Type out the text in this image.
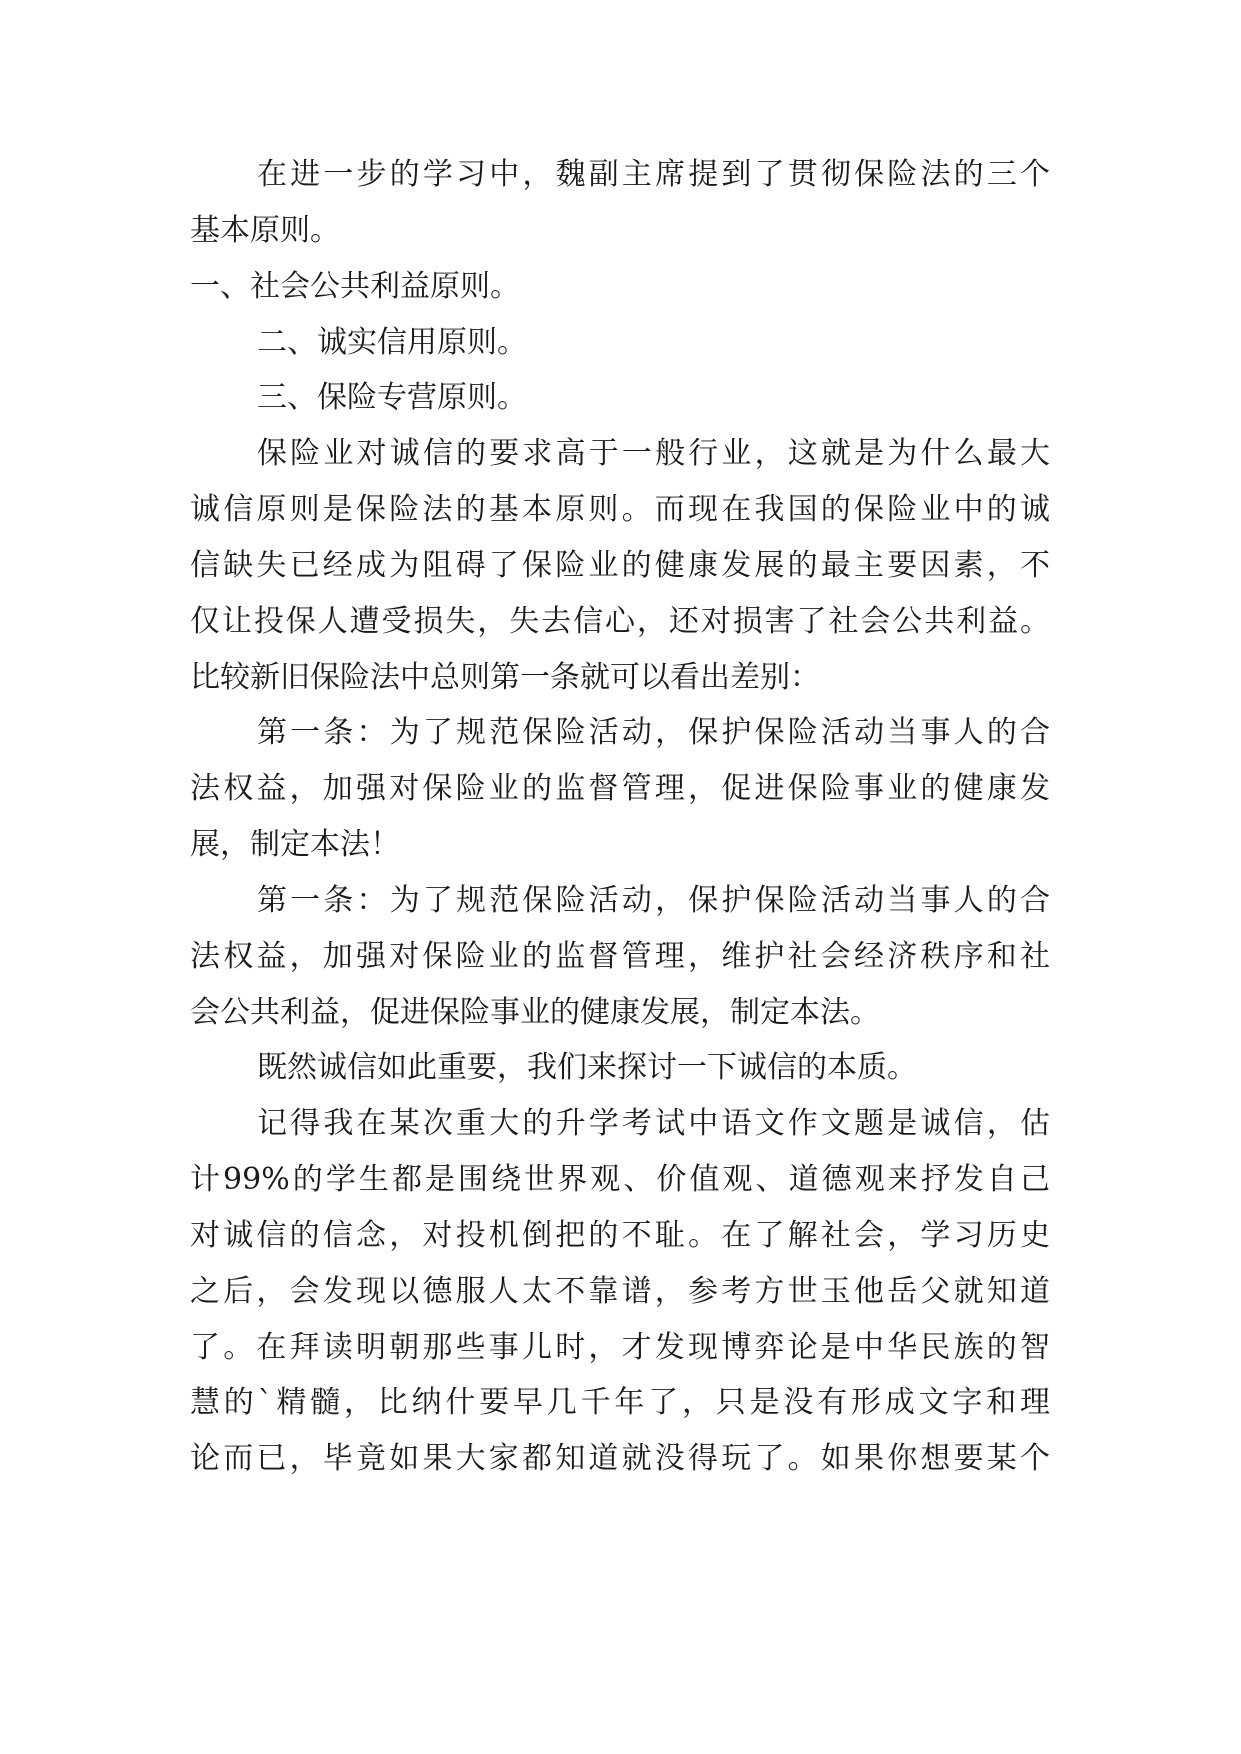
在进一步的学习中，魏副主席提到了贯彻保险法的三个
基本原则。
一、社会公共利益原则。
二、诚实信用原则。
三、保险专营原则。
保险业对诚信的要求高于一般行业，这就是为什么最大
诚信原则是保险法的基本原则。而现在我国的保险业中的诚
信缺失已经成为阻碍了保险业的健康发展的最主要因素，不
仅让投保人遭受损失，失去信心，还对损害了社会公共利益。
比较新旧保险法中总则第一条就可以看出差别：
第一条：为了规范保险活动，保护保险活动当事人的合
法权益，加强对保险业的监督管理，促进保险事业的健康发
展，制定本法！
第一条：为了规范保险活动，保护保险活动当事人的合
法权益，加强对保险业的监督管理，维护社会经济秩序和社
会公共利益，促进保险事业的健康发展，制定本法。
既然诚信如此重要，我们来探讨一下诚信的本质。
记得我在某次重大的升学考试中语文作文题是诚信，估
计99%的学生都是围绕世界观、价值观、道德观来抒发自己
对诚信的信念，对投机倒把的不耻。在了解社会，学习历史
之后，会发现以德服人太不靠谱，参考方世玉他岳父就知道
了。在拜读明朝那些事儿时，才发现博弈论是中华民族的智
慧的`精髓，比纳什要早几千年了，只是没有形成文字和理
论而已，毕竟如果大家都知道就没得玩了。如果你想要某个
